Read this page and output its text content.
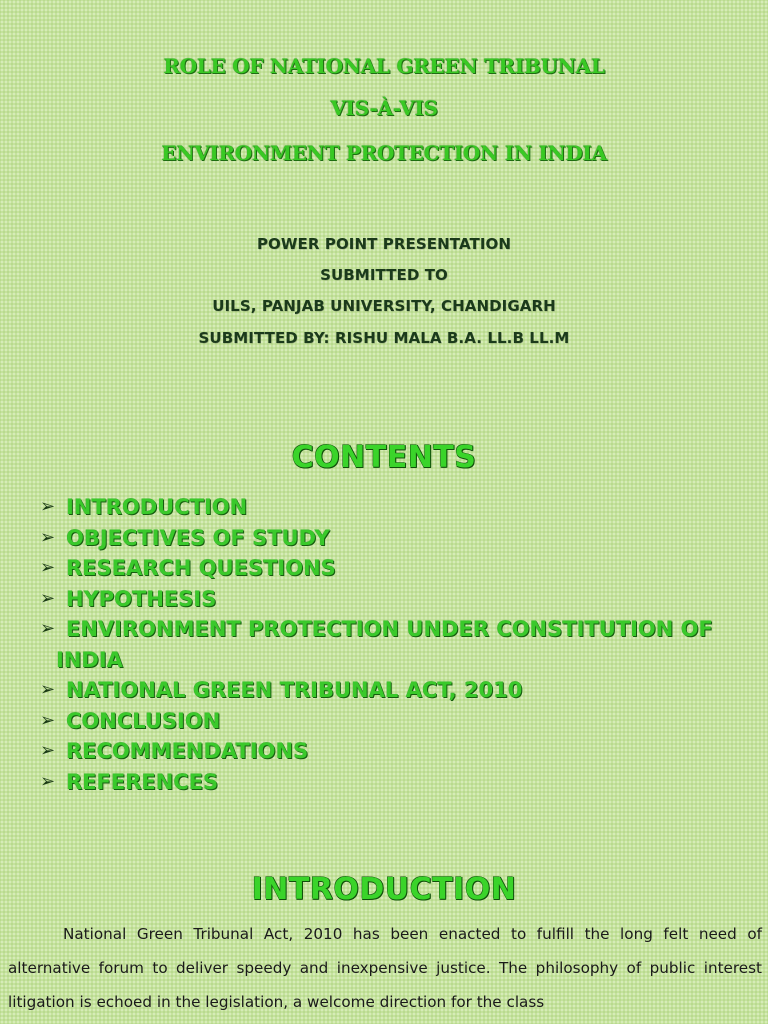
ROLE OF NATIONAL GREEN TRIBUNAL
VIS-À-VIS
ENVIRONMENT PROTECTION IN INDIA
POWER POINT PRESENTATION
SUBMITTED TO
UILS, PANJAB UNIVERSITY, CHANDIGARH
SUBMITTED BY: RISHU MALA B.A. LL.B LL.M
CONTENTS
➢ INTRODUCTION
➢ OBJECTIVES OF STUDY
➢ RESEARCH QUESTIONS
➢ HYPOTHESIS
➢ ENVIRONMENT PROTECTION UNDER CONSTITUTION OF
INDIA
➢ NATIONAL GREEN TRIBUNAL ACT, 2010
➢ CONCLUSION
➢ RECOMMENDATIONS
➢ REFERENCES
INTRODUCTION

National Green Tribunal Act, 2010 has been enacted to fulfill the long felt need of alternative forum to deliver speedy and inexpensive justice. The philosophy of public interest litigation is echoed in the legislation, a welcome direction for the class
